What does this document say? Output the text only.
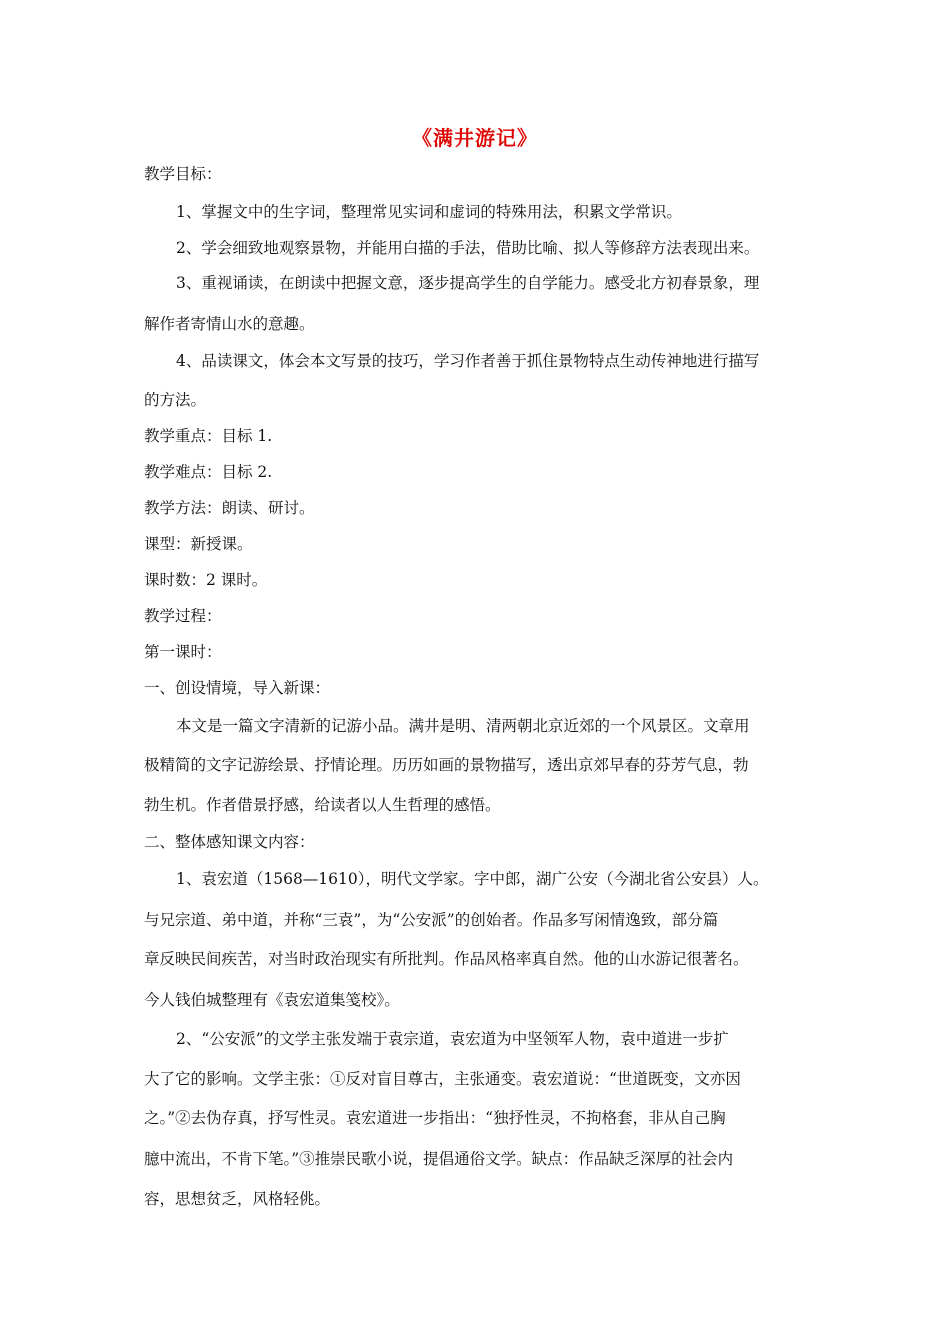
《满井游记》
教学目标：
1、掌握文中的生字词，整理常见实词和虚词的特殊用法，积累文学常识。
2、学会细致地观察景物，并能用白描的手法，借助比喻、拟人等修辞方法表现出来。
3、重视诵读，在朗读中把握文意，逐步提高学生的自学能力。感受北方初春景象，理
解作者寄情山水的意趣。
4、品读课文，体会本文写景的技巧，学习作者善于抓住景物特点生动传神地进行描写
的方法。
教学重点：目标 1.
教学难点：目标 2.
教学方法：朗读、研讨。
课型：新授课。
课时数：2 课时。
教学过程：
第一课时：
一、创设情境，导入新课：
本文是一篇文字清新的记游小品。满井是明、清两朝北京近郊的一个风景区。文章用
极精简的文字记游绘景、抒情论理。历历如画的景物描写，透出京郊早春的芬芳气息，勃
勃生机。作者借景抒感，给读者以人生哲理的感悟。
二、整体感知课文内容：
1、袁宏道（1568—1610），明代文学家。字中郎，湖广公安（今湖北省公安县）人。
与兄宗道、弟中道，并称“三袁”，为“公安派”的创始者。作品多写闲情逸致，部分篇
章反映民间疾苦，对当时政治现实有所批判。作品风格率真自然。他的山水游记很著名。
今人钱伯城整理有《袁宏道集笺校》。
2、“公安派”的文学主张发端于袁宗道，袁宏道为中坚领军人物，袁中道进一步扩
大了它的影响。文学主张：①反对盲目尊古，主张通变。袁宏道说：“世道既变，文亦因
之。”②去伪存真，抒写性灵。袁宏道进一步指出：“独抒性灵，不拘格套，非从自己胸
臆中流出，不肯下笔。”③推崇民歌小说，提倡通俗文学。缺点：作品缺乏深厚的社会内
容，思想贫乏，风格轻佻。
